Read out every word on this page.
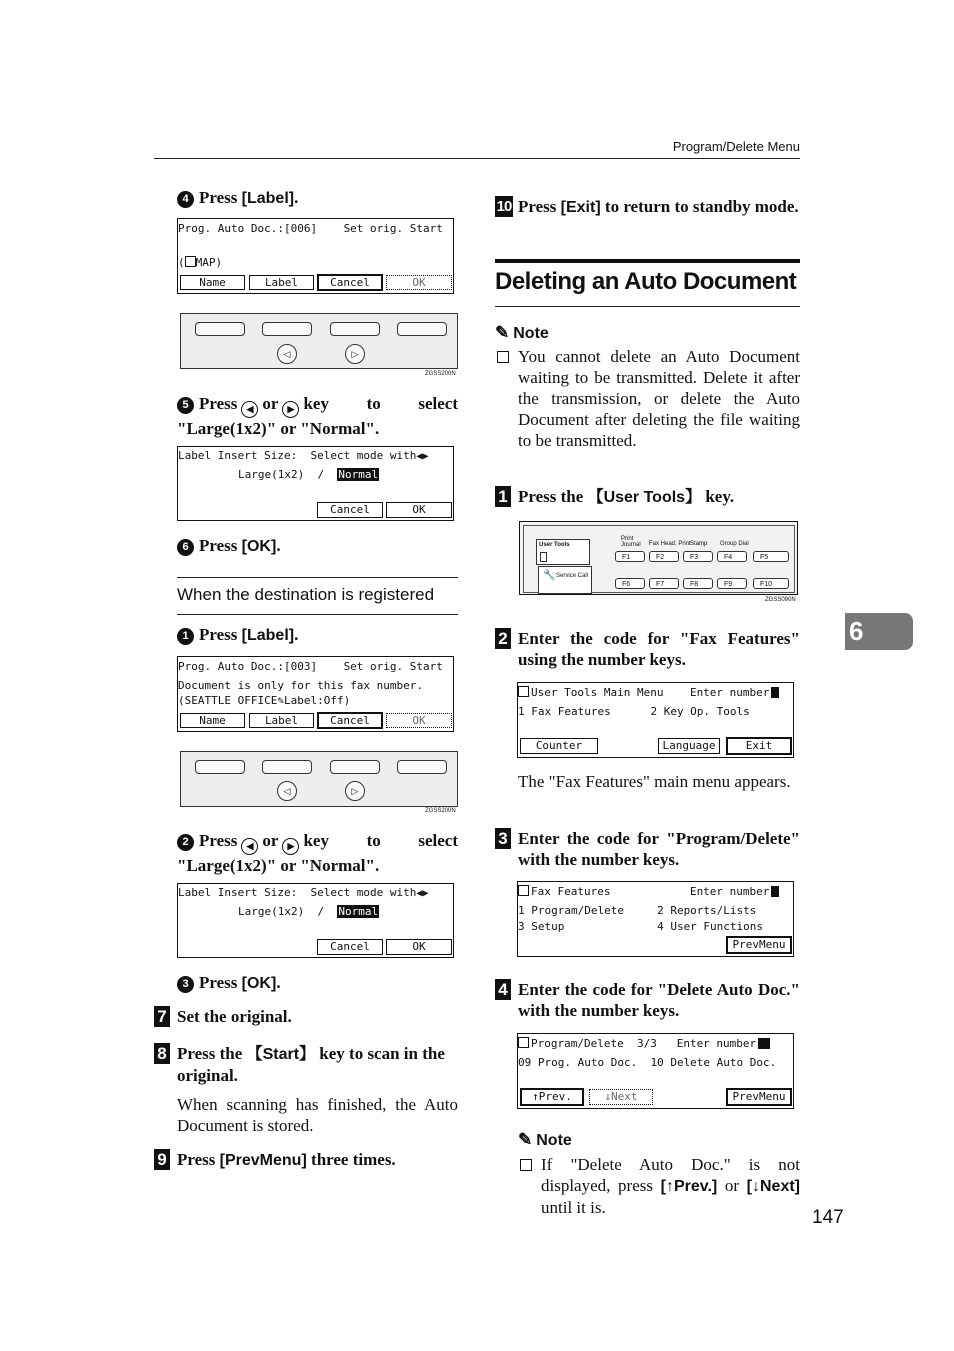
Program/Delete Menu
4 Press [Label].
Prog. Auto Doc.:[006]    Set orig. Start
( MAP)
Name	Label	Cancel	OK
◁	▷
ZGSS200N
5 Press ◀ or ▶ key to select "Large(1x2)" or "Normal".
Label Insert Size:  Select mode with◀▶
Large(1x2)  /  Normal
Cancel	OK
6 Press [OK].
When the destination is registered
1 Press [Label].
Prog. Auto Doc.:[003]    Set orig. Start
Document is only for this fax number.
(SEATTLE OFFICE✎Label:Off)
Name	Label	Cancel	OK
◁	▷
ZGSS200N
2 Press ◀ or ▶ key to select "Large(1x2)" or "Normal".
Label Insert Size:  Select mode with◀▶
Large(1x2)  /  Normal
Cancel	OK
3 Press [OK].
7 Set the original.
8 Press the 【Start】 key to scan in the original.
When scanning has finished, the Auto Document is stored.
9 Press [PrevMenu] three times.
10 Press [Exit] to return to standby mode.
Deleting an Auto Document
✎ Note
You cannot delete an Auto Document waiting to be transmitted. Delete it after the transmission, or delete the Auto Document after deleting the file waiting to be transmitted.
1 Press the 【User Tools】 key.
User Tools
Service Call
🔧
Print Journal Fax Head. Print Stamp Group Dial
F1	F2	F3	F4	F5
F6	F7	F8	F9	F10
ZGSS090N
2 Enter the code for "Fax Features" using the number keys.
User Tools Main Menu    Enter number
1 Fax Features      2 Key Op. Tools
Counter	Language	Exit
The "Fax Features" main menu appears.
3 Enter the code for "Program/Delete" with the number keys.
Fax Features            Enter number
1 Program/Delete     2 Reports/Lists
3 Setup              4 User Functions
PrevMenu
4 Enter the code for "Delete Auto Doc." with the number keys.
Program/Delete  3/3   Enter number
09 Prog. Auto Doc.  10 Delete Auto Doc.
↑Prev.	↓Next	PrevMenu
✎ Note
If "Delete Auto Doc." is not displayed, press [↑Prev.] or [↓Next] until it is.
6
147
